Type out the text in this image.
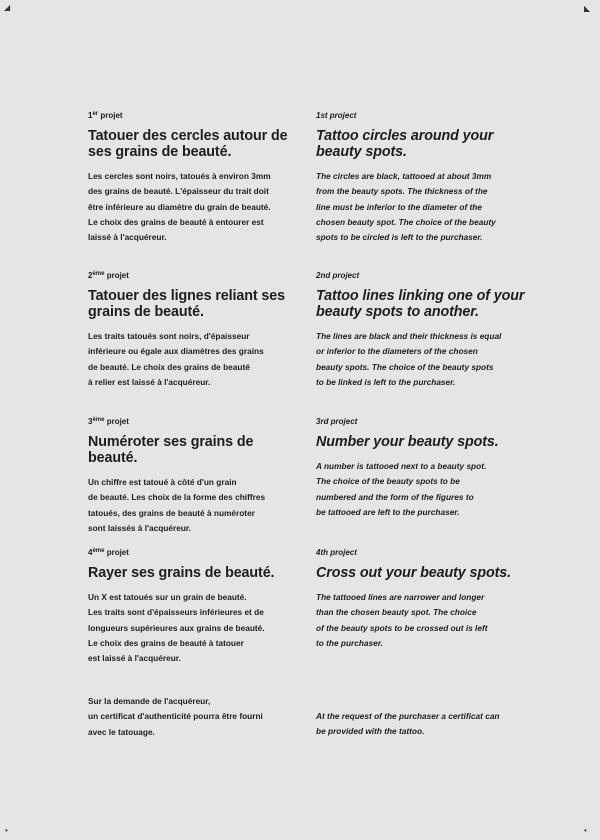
1er projet

Tatouer des cercles autour de ses grains de beauté.

Les cercles sont noirs, tatoués à environ 3mm
des grains de beauté. L'épaisseur du trait doit
être inférieure au diamètre du grain de beauté.
Le choix des grains de beauté à entourer est
laissé à l'acquéreur.

1st project

Tattoo circles around your beauty spots.

The circles are black, tattooed at about 3mm
from the beauty spots. The thickness of the
line must be inferior to the diameter of the
chosen beauty spot. The choice of the beauty
spots to be circled is left to the purchaser.

2ème projet

Tatouer des lignes reliant ses grains de beauté.

Les traits tatoués sont noirs, d'épaisseur
inférieure ou égale aux diamètres des grains
de beauté. Le choix des grains de beauté
à relier est laissé à l'acquéreur.

2nd project

Tattoo lines linking one of your beauty spots to another.

The lines are black and their thickness is equal
or inferior to the diameters of the chosen
beauty spots. The choice of the beauty spots
to be linked is left to the purchaser.

3ème projet

Numéroter ses grains de beauté.

Un chiffre est tatoué à côté d'un grain
de beauté. Les choix de la forme des chiffres
tatoués, des grains de beauté à numéroter
sont laissés à l'acquéreur.

3rd project

Number your beauty spots.

A number is tattooed next to a beauty spot.
The choice of the beauty spots to be
numbered and the form of the figures to
be tattooed are left to the purchaser.

4ème projet

Rayer ses grains de beauté.

Un X est tatoués sur un grain de beauté.
Les traits sont d'épaisseurs inférieures et de
longueurs supérieures aux grains de beauté.
Le choix des grains de beauté à tatouer
est laissé à l'acquéreur.

4th project

Cross out your beauty spots.

The tattooed lines are narrower and longer
than the chosen beauty spot. The choice
of the beauty spots to be crossed out is left
to the purchaser.

Sur la demande de l'acquéreur,
un certificat d'authenticité pourra être fourni
avec le tatouage.

At the request of the purchaser a certificat can
be provided with the tattoo.

◢	◣
•	•
